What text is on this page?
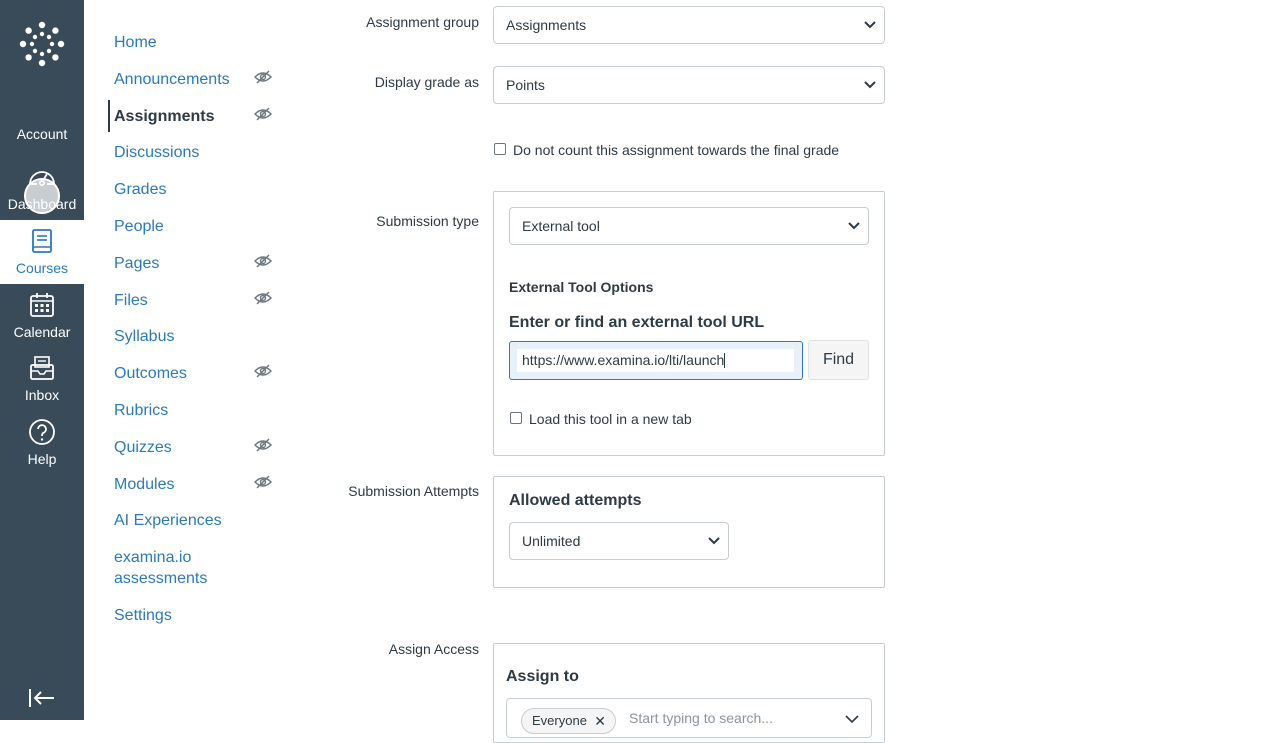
Account
Dashboard
Courses
Calendar
Inbox
Help
Home
Announcements
Assignments
Discussions
Grades
People
Pages
Files
Syllabus
Outcomes
Rubrics
Quizzes
Modules
AI Experiences
examina.io
assessments
Settings
Assignment group Assignments
Display grade as Points
Do not count this assignment towards the final grade
Submission type	External tool
External Tool Options
Enter or find an external tool URL
https://www.examina.io/lti/launch	Find
Load this tool in a new tab
Submission Attempts
Allowed attempts
Unlimited
Assign Access
Assign to
Everyone ✕ Start typing to search...
